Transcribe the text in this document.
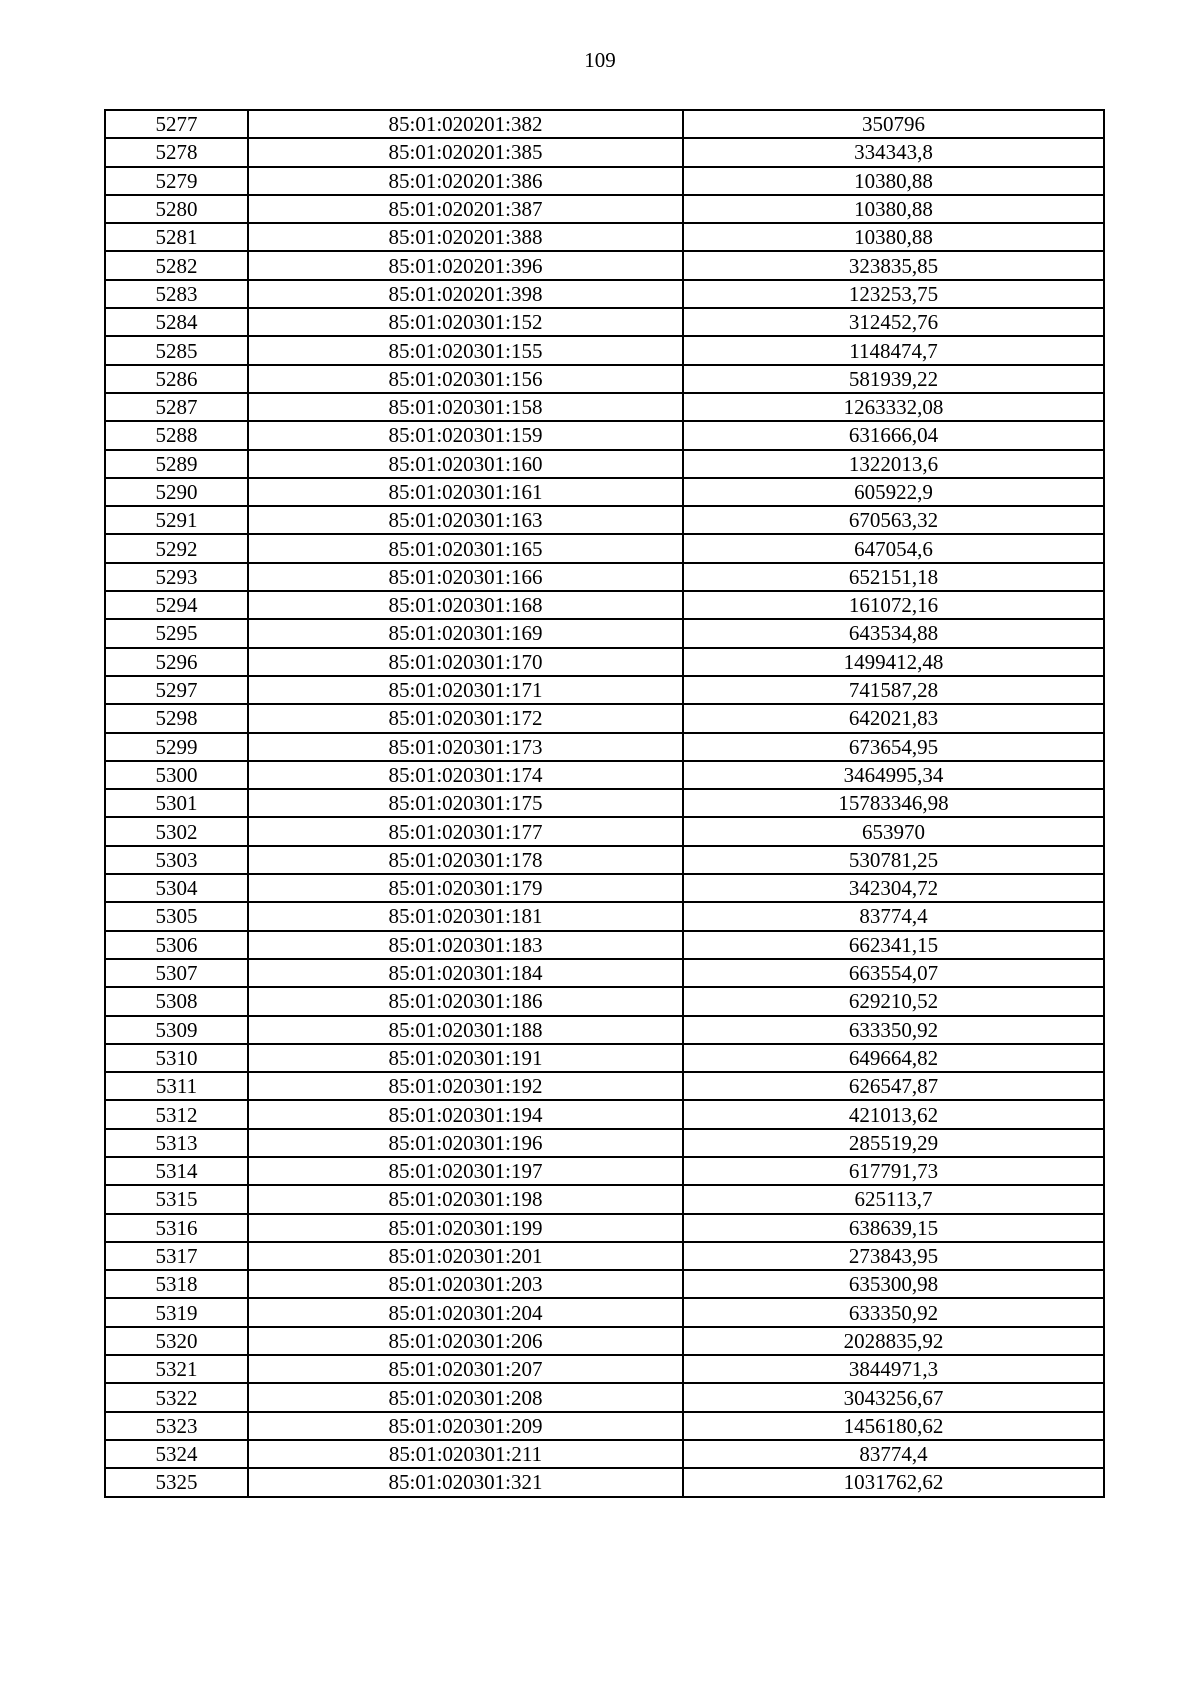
109
5277	85:01:020201:382	350796
5278	85:01:020201:385	334343,8
5279	85:01:020201:386	10380,88
5280	85:01:020201:387	10380,88
5281	85:01:020201:388	10380,88
5282	85:01:020201:396	323835,85
5283	85:01:020201:398	123253,75
5284	85:01:020301:152	312452,76
5285	85:01:020301:155	1148474,7
5286	85:01:020301:156	581939,22
5287	85:01:020301:158	1263332,08
5288	85:01:020301:159	631666,04
5289	85:01:020301:160	1322013,6
5290	85:01:020301:161	605922,9
5291	85:01:020301:163	670563,32
5292	85:01:020301:165	647054,6
5293	85:01:020301:166	652151,18
5294	85:01:020301:168	161072,16
5295	85:01:020301:169	643534,88
5296	85:01:020301:170	1499412,48
5297	85:01:020301:171	741587,28
5298	85:01:020301:172	642021,83
5299	85:01:020301:173	673654,95
5300	85:01:020301:174	3464995,34
5301	85:01:020301:175	15783346,98
5302	85:01:020301:177	653970
5303	85:01:020301:178	530781,25
5304	85:01:020301:179	342304,72
5305	85:01:020301:181	83774,4
5306	85:01:020301:183	662341,15
5307	85:01:020301:184	663554,07
5308	85:01:020301:186	629210,52
5309	85:01:020301:188	633350,92
5310	85:01:020301:191	649664,82
5311	85:01:020301:192	626547,87
5312	85:01:020301:194	421013,62
5313	85:01:020301:196	285519,29
5314	85:01:020301:197	617791,73
5315	85:01:020301:198	625113,7
5316	85:01:020301:199	638639,15
5317	85:01:020301:201	273843,95
5318	85:01:020301:203	635300,98
5319	85:01:020301:204	633350,92
5320	85:01:020301:206	2028835,92
5321	85:01:020301:207	3844971,3
5322	85:01:020301:208	3043256,67
5323	85:01:020301:209	1456180,62
5324	85:01:020301:211	83774,4
5325	85:01:020301:321	1031762,62
